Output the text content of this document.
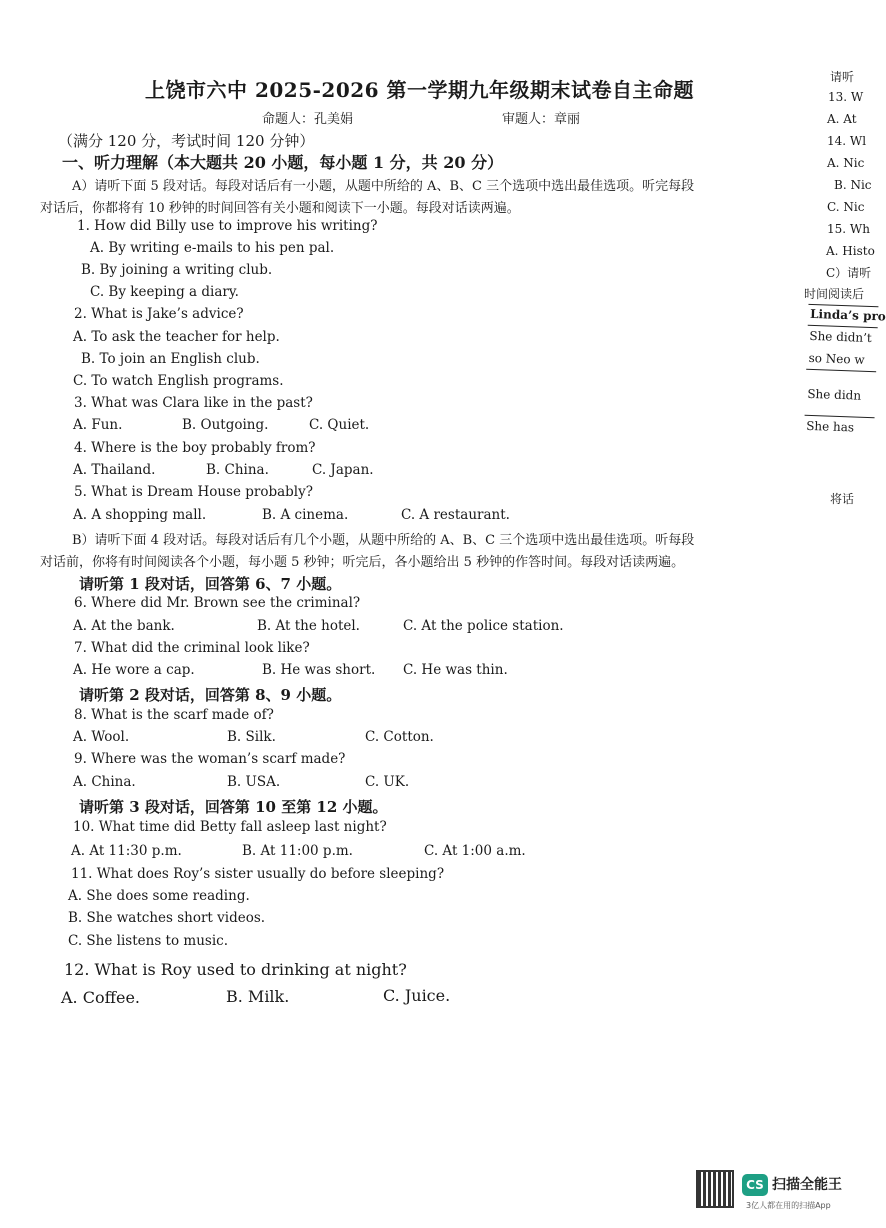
上饶市六中 2025-2026 第一学期九年级期末试卷自主命题
命题人：孔美娟	审题人：章丽
（满分 120 分，考试时间 120 分钟）
一、听力理解（本大题共 20 小题，每小题 1 分，共 20 分）
A）请听下面 5 段对话。每段对话后有一小题，从题中所给的 A、B、C 三个选项中选出最佳选项。听完每段
对话后，你都将有 10 秒钟的时间回答有关小题和阅读下一小题。每段对话读两遍。
1. How did Billy use to improve his writing?
A. By writing e-mails to his pen pal.
B. By joining a writing club.
C. By keeping a diary.
2. What is Jake’s advice?
A. To ask the teacher for help.
B. To join an English club.
C. To watch English programs.
3. What was Clara like in the past?
A. Fun.	B. Outgoing.	C. Quiet.
4. Where is the boy probably from?
A. Thailand.	B. China.	C. Japan.
5. What is Dream House probably?
A. A shopping mall.	B. A cinema.	C. A restaurant.
B）请听下面 4 段对话。每段对话后有几个小题，从题中所给的 A、B、C 三个选项中选出最佳选项。听每段
对话前，你将有时间阅读各个小题，每小题 5 秒钟；听完后，各小题给出 5 秒钟的作答时间。每段对话读两遍。
请听第 1 段对话，回答第 6、7 小题。
6. Where did Mr. Brown see the criminal?
A. At the bank.	B. At the hotel.	C. At the police station.
7. What did the criminal look like?
A. He wore a cap.	B. He was short. C. He was thin.
请听第 2 段对话，回答第 8、9 小题。
8. What is the scarf made of?
A. Wool.	B. Silk.	C. Cotton.
9. Where was the woman’s scarf made?
A. China.	B. USA.	C. UK.
请听第 3 段对话，回答第 10 至第 12 小题。
10. What time did Betty fall asleep last night?
A. At 11:30 p.m.	B. At 11:00 p.m.	C. At 1:00 a.m.
11. What does Roy’s sister usually do before sleeping?
A. She does some reading.
B. She watches short videos.
C. She listens to music.
12. What is Roy used to drinking at night?
A. Coffee.	B. Milk.	C. Juice.
请听
13. W
A. At
14. Wl
A. Nic
B. Nic
C. Nic
15. Wh
A. Histo
C）请听
时间阅读后
将话
Linda’s pro
She didn’t
so Neo w
She didn
She has
CS 扫描全能王
3亿人都在用的扫描App
